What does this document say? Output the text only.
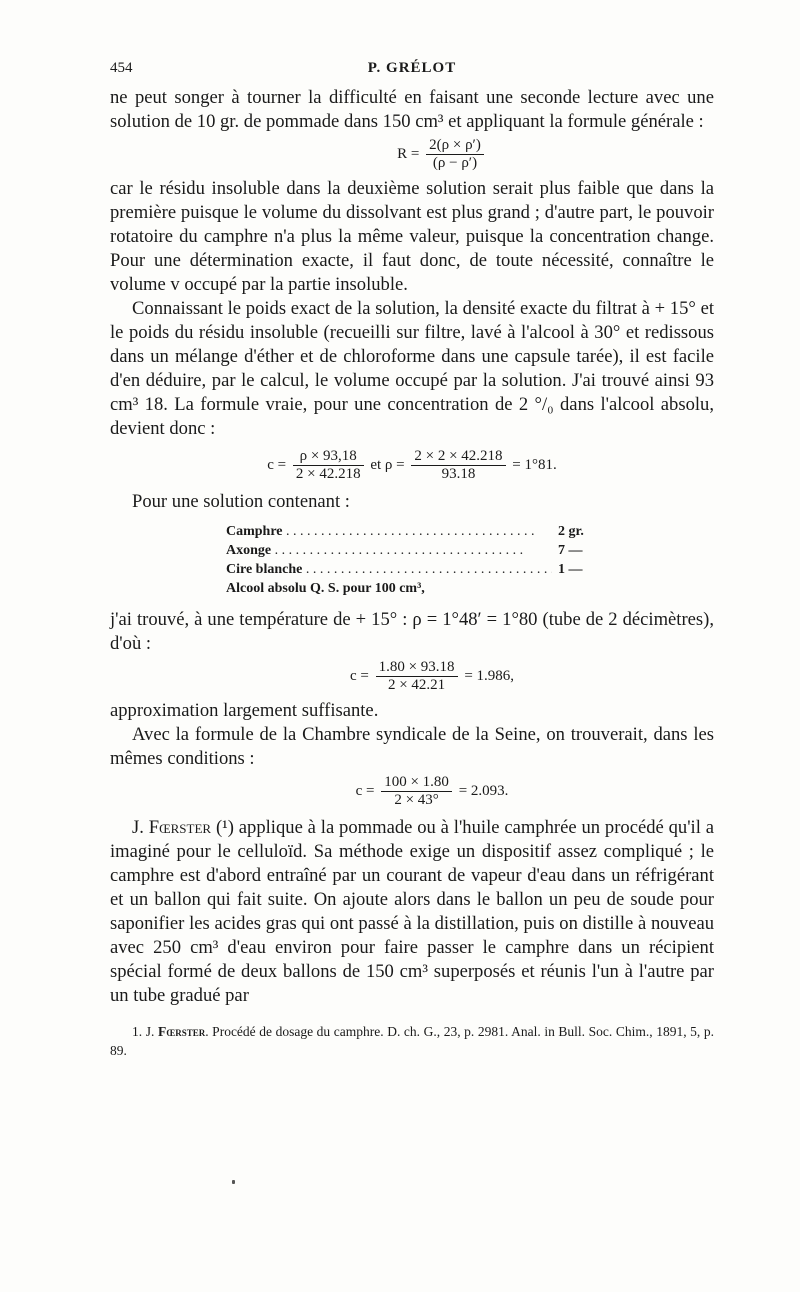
454	P. GRÉLOT

ne peut songer à tourner la difficulté en faisant une seconde lecture avec une solution de 10 gr. de pommade dans 150 cm³ et appliquant la formule générale :

$R = \frac{2(\rho \times \rho')}{(\rho - \rho')}$

car le résidu insoluble dans la deuxième solution serait plus faible que dans la première puisque le volume du dissolvant est plus grand ; d'autre part, le pouvoir rotatoire du camphre n'a plus la même valeur, puisque la concentration change. Pour une détermination exacte, il faut donc, de toute nécessité, connaître le volume v occupé par la partie insoluble.

Connaissant le poids exact de la solution, la densité exacte du filtrat à + 15° et le poids du résidu insoluble (recueilli sur filtre, lavé à l'alcool à 30° et redissous dans un mélange d'éther et de chloroforme dans une capsule tarée), il est facile d'en déduire, par le calcul, le volume occupé par la solution. J'ai trouvé ainsi 93 cm³ 18. La formule vraie, pour une concentration de 2 °/₀ dans l'alcool absolu, devient donc :

$c = \frac{\rho \times 93,18}{2 \times 42.218}$ et $\rho = \frac{2 \times 2 \times 42.218}{93.18} = 1^\circ 81$.

Pour une solution contenant :

Camphre . . .	2 gr.
Axonge . . .	7 —
Cire blanche . . .	1 —
Alcool absolu Q. S. pour 100 cm³,

j'ai trouvé, à une température de + 15° : ρ = 1°48′ = 1°80 (tube de 2 décimètres), d'où :

$c = \frac{1.80 \times 93.18}{2 \times 42.21} = 1.986$,

approximation largement suffisante.

Avec la formule de la Chambre syndicale de la Seine, on trouverait, dans les mêmes conditions :

$c = \frac{100 \times 1.80}{2 \times 43^\circ} = 2.093$.

J. Fœrster (¹) applique à la pommade ou à l'huile camphrée un procédé qu'il a imaginé pour le celluloïd. Sa méthode exige un dispositif assez compliqué ; le camphre est d'abord entraîné par un courant de vapeur d'eau dans un réfrigérant et un ballon qui fait suite. On ajoute alors dans le ballon un peu de soude pour saponifier les acides gras qui ont passé à la distillation, puis on distille à nouveau avec 250 cm³ d'eau environ pour faire passer le camphre dans un récipient spécial formé de deux ballons de 150 cm³ superposés et réunis l'un à l'autre par un tube gradué par

1. J. Fœrster. Procédé de dosage du camphre. D. ch. G., 23, p. 2981. Anal. in Bull. Soc. Chim., 1891, 5, p. 89.
